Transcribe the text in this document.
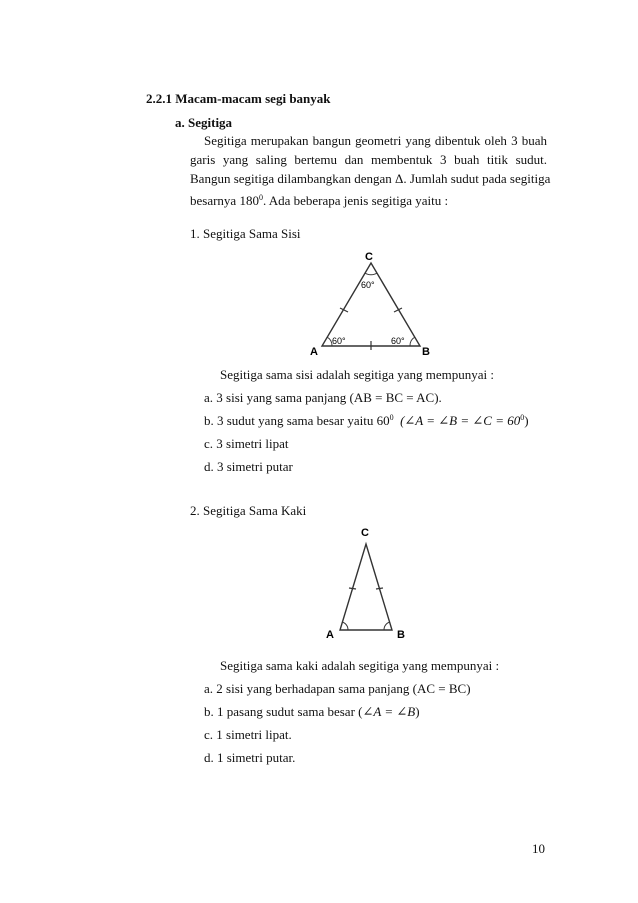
2.2.1 Macam-macam segi banyak
a. Segitiga
Segitiga merupakan bangun geometri yang dibentuk oleh 3 buah
garis yang saling bertemu dan membentuk 3 buah titik sudut.
Bangun segitiga dilambangkan dengan Δ. Jumlah sudut pada segitiga
besarnya $180^0$. Ada beberapa jenis segitiga yaitu :
1. Segitiga Sama Sisi
C
A	B
60°	60°
60°
Segitiga sama sisi adalah segitiga yang mempunyai :
a. 3 sisi yang sama panjang (AB = BC = AC).
b. 3 sudut yang sama besar yaitu $60^0$ (∠A = ∠B = ∠C = $60^0$)
c. 3 simetri lipat
d. 3 simetri putar
2. Segitiga Sama Kaki
C
A	B
Segitiga sama kaki adalah segitiga yang mempunyai :
a. 2 sisi yang berhadapan sama panjang (AC = BC)
b. 1 pasang sudut sama besar (∠A = ∠B)
c. 1 simetri lipat.
d. 1 simetri putar.
10
